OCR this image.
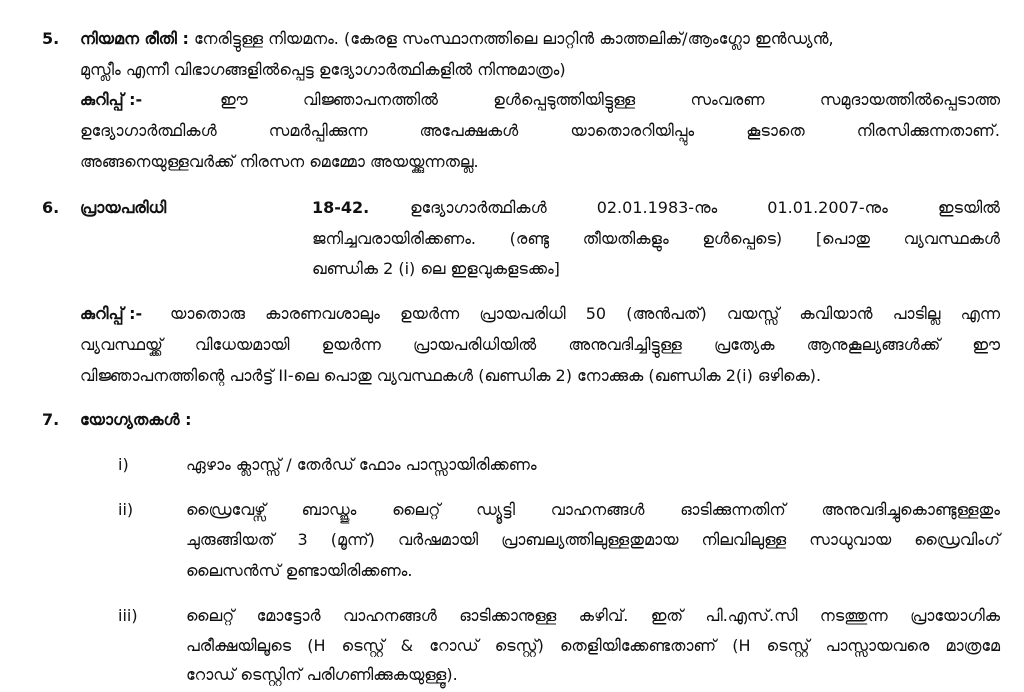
5. നിയമന രീതി : നേരിട്ടുള്ള നിയമനം. (കേരള സംസ്ഥാനത്തിലെ ലാറ്റിൻ കാത്തലിക്/ആംഗ്ലോ ഇൻഡ്യൻ,

മുസ്ലീം എന്നീ വിഭാഗങ്ങളിൽപ്പെട്ട ഉദ്യോഗാർത്ഥികളിൽ നിന്നുമാത്രം)

കുറിപ്പ് :-	ഈ വിജ്ഞാപനത്തിൽ ഉൾപ്പെടുത്തിയിട്ടുള്ള സംവരണ സമുദായത്തിൽപ്പെടാത്ത

ഉദ്യോഗാർത്ഥികൾ സമർപ്പിക്കുന്ന അപേക്ഷകൾ യാതൊരറിയിപ്പും കൂടാതെ നിരസിക്കുന്നതാണ്.

അങ്ങനെയുള്ളവർക്ക് നിരസന മെമ്മോ അയയ്ക്കുന്നതല്ല.

6. പ്രായപരിധി	18-42.	ഉദ്യോഗാർത്ഥികൾ 02.01.1983-നും 01.01.2007-നും ഇടയിൽ

ജനിച്ചവരായിരിക്കണം. (രണ്ടു തീയതികളും ഉൾപ്പെടെ) [പൊതു വ്യവസ്ഥകൾ

ഖണ്ഡിക 2 (i) ലെ ഇളവുകളടക്കം]

കുറിപ്പ് :- യാതൊരു കാരണവശാലും ഉയർന്ന പ്രായപരിധി 50 (അൻപത്) വയസ്സ് കവിയാൻ പാടില്ല എന്ന

വ്യവസ്ഥയ്ക്ക് വിധേയമായി ഉയർന്ന പ്രായപരിധിയിൽ അനുവദിച്ചിട്ടുള്ള പ്രത്യേക ആനുകൂല്യങ്ങൾക്ക് ഈ

വിജ്ഞാപനത്തിന്റെ പാർട്ട് II-ലെ പൊതു വ്യവസ്ഥകൾ (ഖണ്ഡിക 2) നോക്കുക (ഖണ്ഡിക 2(i) ഒഴികെ).

7. യോഗ്യതകൾ :
i)	ഏഴാം ക്ലാസ്സ് / തേർഡ് ഫോം പാസ്സായിരിക്കണം

ii)	ഡ്രൈവേഴ്സ് ബാഡ്ജും ലൈറ്റ് ഡ്യൂട്ടി വാഹനങ്ങൾ ഓടിക്കുന്നതിന് അനുവദിച്ചുകൊണ്ടുള്ളതും

ചുരുങ്ങിയത് 3 (മൂന്ന്) വർഷമായി പ്രാബല്യത്തിലുള്ളതുമായ നിലവിലുള്ള സാധുവായ ഡ്രൈവിംഗ്

ലൈസൻസ് ഉണ്ടായിരിക്കണം.

iii)	ലൈറ്റ് മോട്ടോർ വാഹനങ്ങൾ ഓടിക്കാനുള്ള കഴിവ്. ഇത് പി.എസ്.സി നടത്തുന്ന പ്രായോഗിക

പരീക്ഷയിലൂടെ (H ടെസ്റ്റ് & റോഡ് ടെസ്റ്റ്) തെളിയിക്കേണ്ടതാണ് (H ടെസ്റ്റ് പാസ്സായവരെ മാത്രമേ

റോഡ് ടെസ്റ്റിന് പരിഗണിക്കുകയുള്ളൂ).
